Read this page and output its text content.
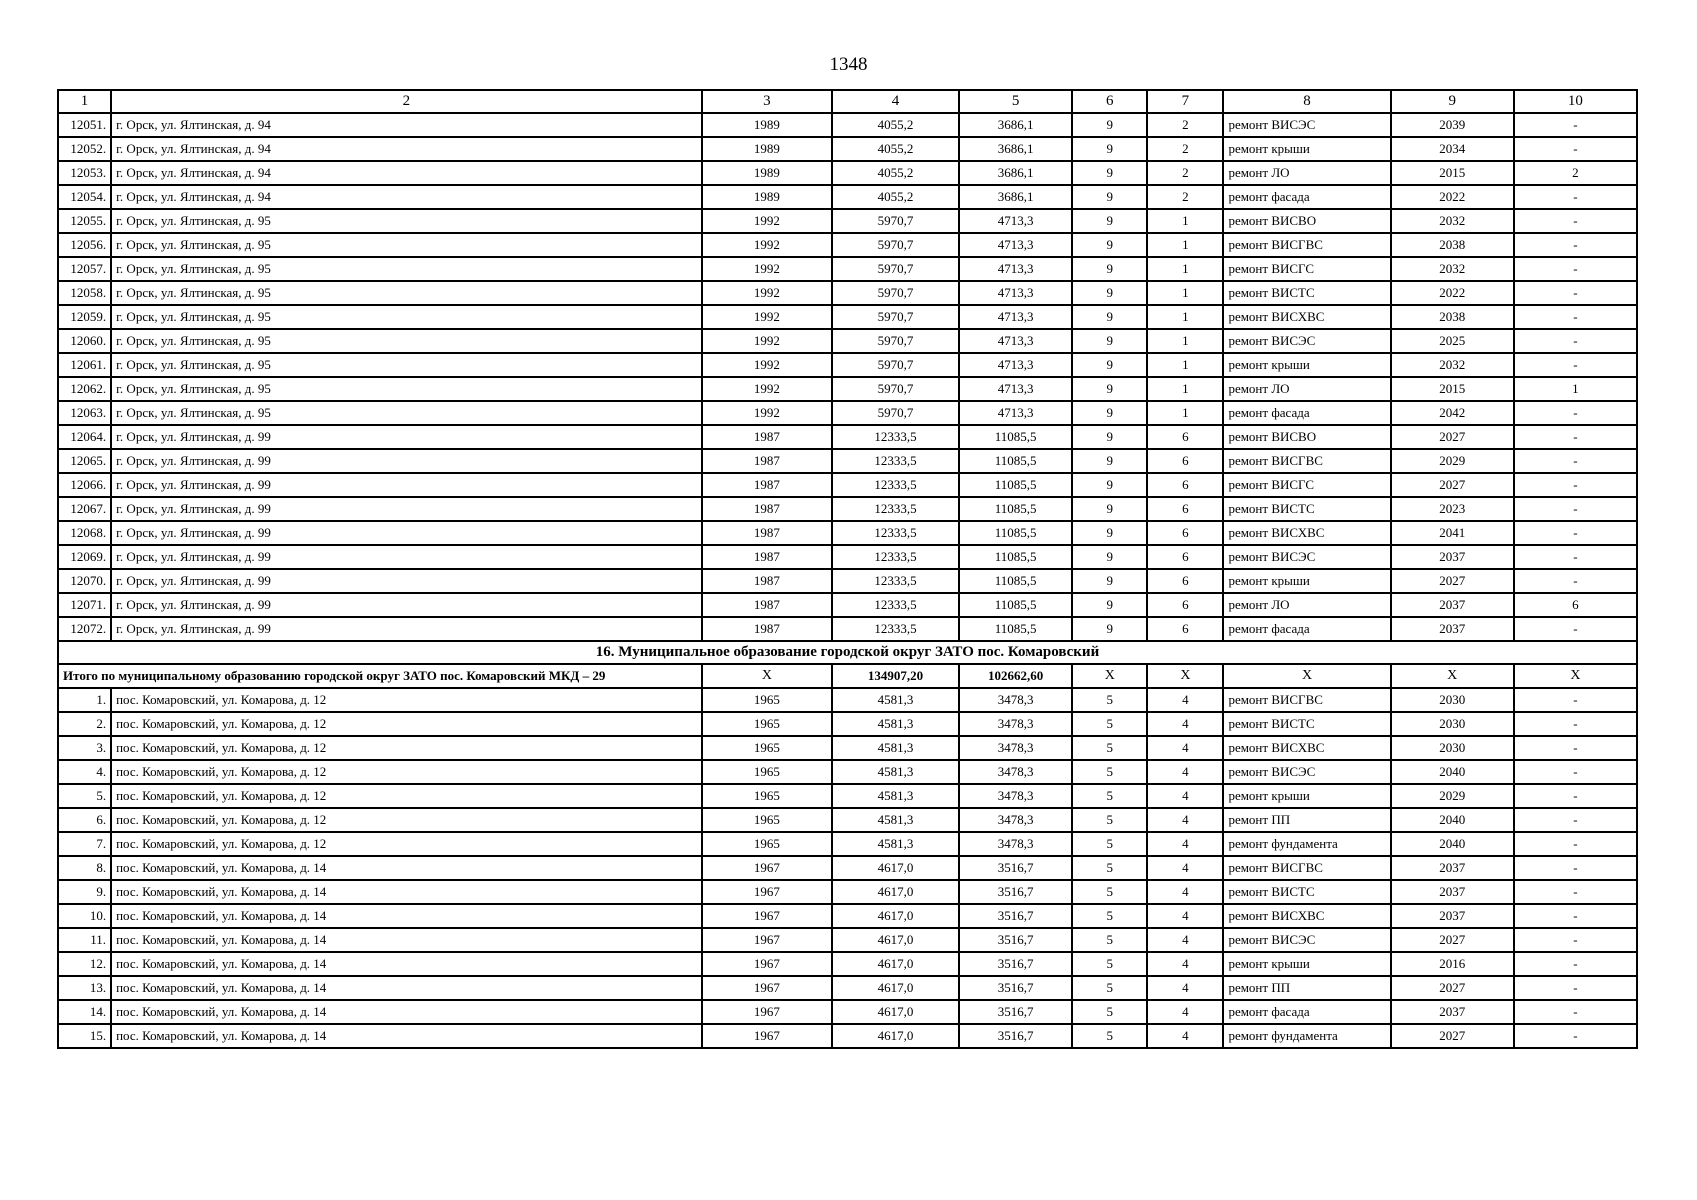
1348
1	2	3	4	5	6	7	8	9	10
12051.	г. Орск, ул. Ялтинская, д. 94	1989	4055,2	3686,1	9	2	ремонт ВИСЭС	2039	-
12052.	г. Орск, ул. Ялтинская, д. 94	1989	4055,2	3686,1	9	2	ремонт крыши	2034	-
12053.	г. Орск, ул. Ялтинская, д. 94	1989	4055,2	3686,1	9	2	ремонт ЛО	2015	2
12054.	г. Орск, ул. Ялтинская, д. 94	1989	4055,2	3686,1	9	2	ремонт фасада	2022	-
12055.	г. Орск, ул. Ялтинская, д. 95	1992	5970,7	4713,3	9	1	ремонт ВИСВО	2032	-
12056.	г. Орск, ул. Ялтинская, д. 95	1992	5970,7	4713,3	9	1	ремонт ВИСГВС	2038	-
12057.	г. Орск, ул. Ялтинская, д. 95	1992	5970,7	4713,3	9	1	ремонт ВИСГС	2032	-
12058.	г. Орск, ул. Ялтинская, д. 95	1992	5970,7	4713,3	9	1	ремонт ВИСТС	2022	-
12059.	г. Орск, ул. Ялтинская, д. 95	1992	5970,7	4713,3	9	1	ремонт ВИСХВС	2038	-
12060.	г. Орск, ул. Ялтинская, д. 95	1992	5970,7	4713,3	9	1	ремонт ВИСЭС	2025	-
12061.	г. Орск, ул. Ялтинская, д. 95	1992	5970,7	4713,3	9	1	ремонт крыши	2032	-
12062.	г. Орск, ул. Ялтинская, д. 95	1992	5970,7	4713,3	9	1	ремонт ЛО	2015	1
12063.	г. Орск, ул. Ялтинская, д. 95	1992	5970,7	4713,3	9	1	ремонт фасада	2042	-
12064.	г. Орск, ул. Ялтинская, д. 99	1987	12333,5	11085,5	9	6	ремонт ВИСВО	2027	-
12065.	г. Орск, ул. Ялтинская, д. 99	1987	12333,5	11085,5	9	6	ремонт ВИСГВС	2029	-
12066.	г. Орск, ул. Ялтинская, д. 99	1987	12333,5	11085,5	9	6	ремонт ВИСГС	2027	-
12067.	г. Орск, ул. Ялтинская, д. 99	1987	12333,5	11085,5	9	6	ремонт ВИСТС	2023	-
12068.	г. Орск, ул. Ялтинская, д. 99	1987	12333,5	11085,5	9	6	ремонт ВИСХВС	2041	-
12069.	г. Орск, ул. Ялтинская, д. 99	1987	12333,5	11085,5	9	6	ремонт ВИСЭС	2037	-
12070.	г. Орск, ул. Ялтинская, д. 99	1987	12333,5	11085,5	9	6	ремонт крыши	2027	-
12071.	г. Орск, ул. Ялтинская, д. 99	1987	12333,5	11085,5	9	6	ремонт ЛО	2037	6
12072.	г. Орск, ул. Ялтинская, д. 99	1987	12333,5	11085,5	9	6	ремонт фасада	2037	-
16. Муниципальное образование городской округ ЗАТО пос. Комаровский									
Итого по муниципальному образованию городской округ ЗАТО пос. Комаровский МКД – 29		Х	134907,20	102662,60	Х	Х	Х	Х	Х
1.	пос. Комаровский, ул. Комарова, д. 12	1965	4581,3	3478,3	5	4	ремонт ВИСГВС	2030	-
2.	пос. Комаровский, ул. Комарова, д. 12	1965	4581,3	3478,3	5	4	ремонт ВИСТС	2030	-
3.	пос. Комаровский, ул. Комарова, д. 12	1965	4581,3	3478,3	5	4	ремонт ВИСХВС	2030	-
4.	пос. Комаровский, ул. Комарова, д. 12	1965	4581,3	3478,3	5	4	ремонт ВИСЭС	2040	-
5.	пос. Комаровский, ул. Комарова, д. 12	1965	4581,3	3478,3	5	4	ремонт крыши	2029	-
6.	пос. Комаровский, ул. Комарова, д. 12	1965	4581,3	3478,3	5	4	ремонт ПП	2040	-
7.	пос. Комаровский, ул. Комарова, д. 12	1965	4581,3	3478,3	5	4	ремонт фундамента	2040	-
8.	пос. Комаровский, ул. Комарова, д. 14	1967	4617,0	3516,7	5	4	ремонт ВИСГВС	2037	-
9.	пос. Комаровский, ул. Комарова, д. 14	1967	4617,0	3516,7	5	4	ремонт ВИСТС	2037	-
10.	пос. Комаровский, ул. Комарова, д. 14	1967	4617,0	3516,7	5	4	ремонт ВИСХВС	2037	-
11.	пос. Комаровский, ул. Комарова, д. 14	1967	4617,0	3516,7	5	4	ремонт ВИСЭС	2027	-
12.	пос. Комаровский, ул. Комарова, д. 14	1967	4617,0	3516,7	5	4	ремонт крыши	2016	-
13.	пос. Комаровский, ул. Комарова, д. 14	1967	4617,0	3516,7	5	4	ремонт ПП	2027	-
14.	пос. Комаровский, ул. Комарова, д. 14	1967	4617,0	3516,7	5	4	ремонт фасада	2037	-
15.	пос. Комаровский, ул. Комарова, д. 14	1967	4617,0	3516,7	5	4	ремонт фундамента	2027	-
